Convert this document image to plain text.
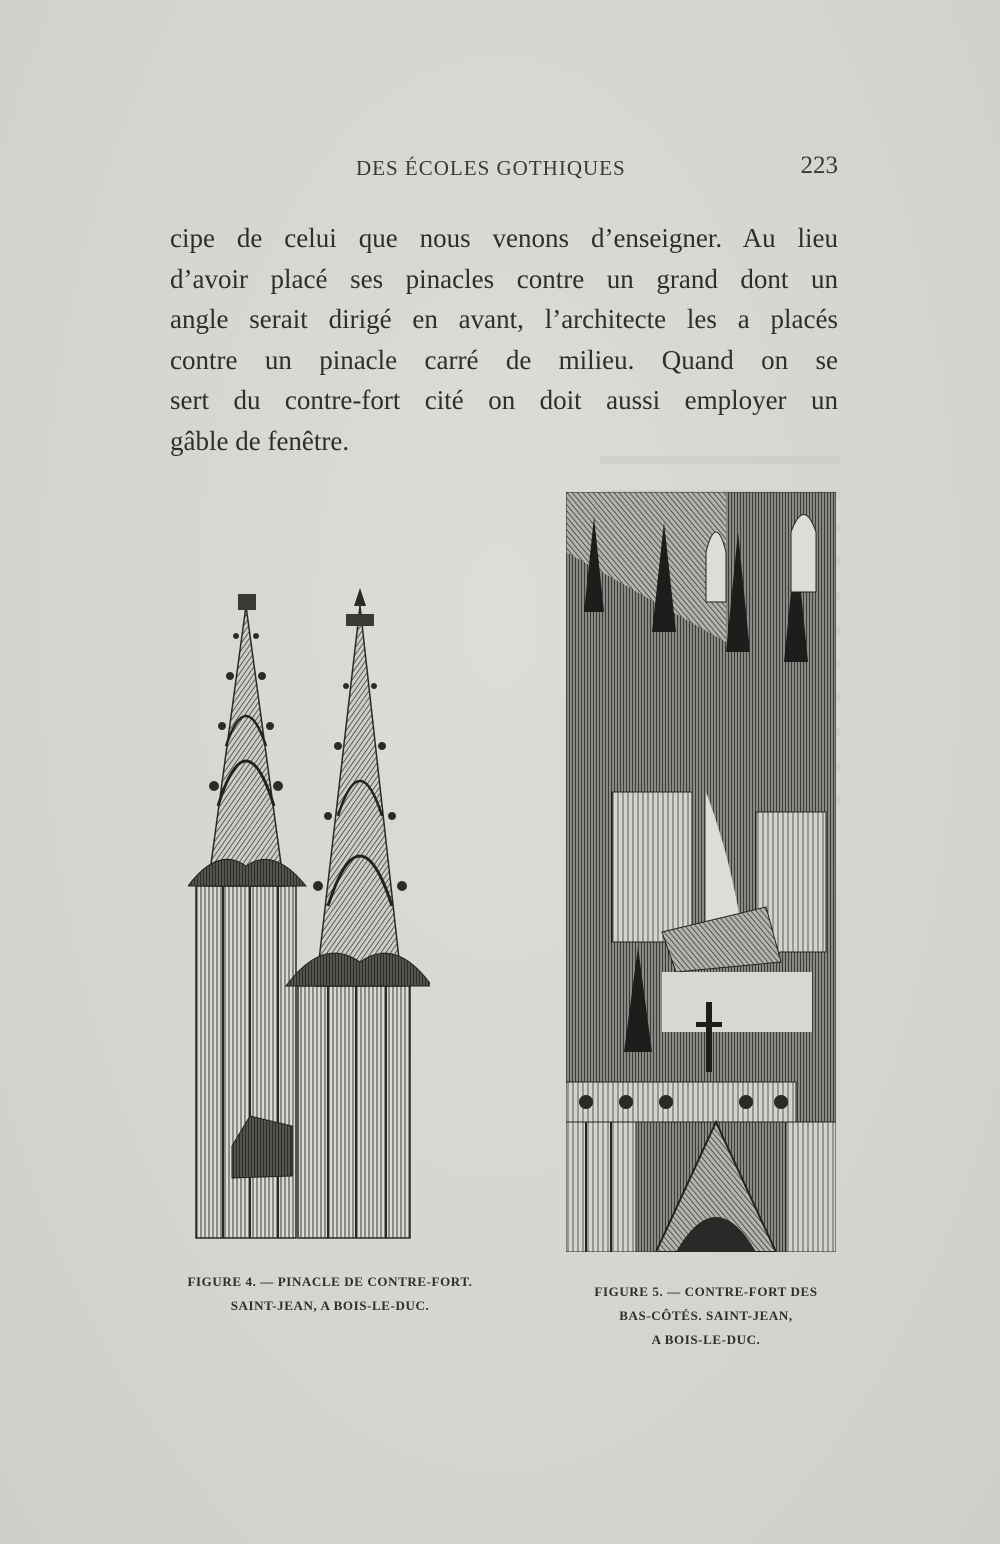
DES ÉCOLES GOTHIQUES	223
cipe de celui que nous venons d’enseigner. Au lieu
d’avoir placé ses pinacles contre un grand dont un
angle serait dirigé en avant, l’architecte les a placés
contre un pinacle carré de milieu. Quand on se
sert du contre-fort cité on doit aussi employer un
gâble de fenêtre.
FIGURE 4. — PINACLE DE CONTRE-FORT.
SAINT-JEAN, A BOIS-LE-DUC.
FIGURE 5. — CONTRE-FORT DES
BAS-CÔTÉS. SAINT-JEAN,
A BOIS-LE-DUC.
